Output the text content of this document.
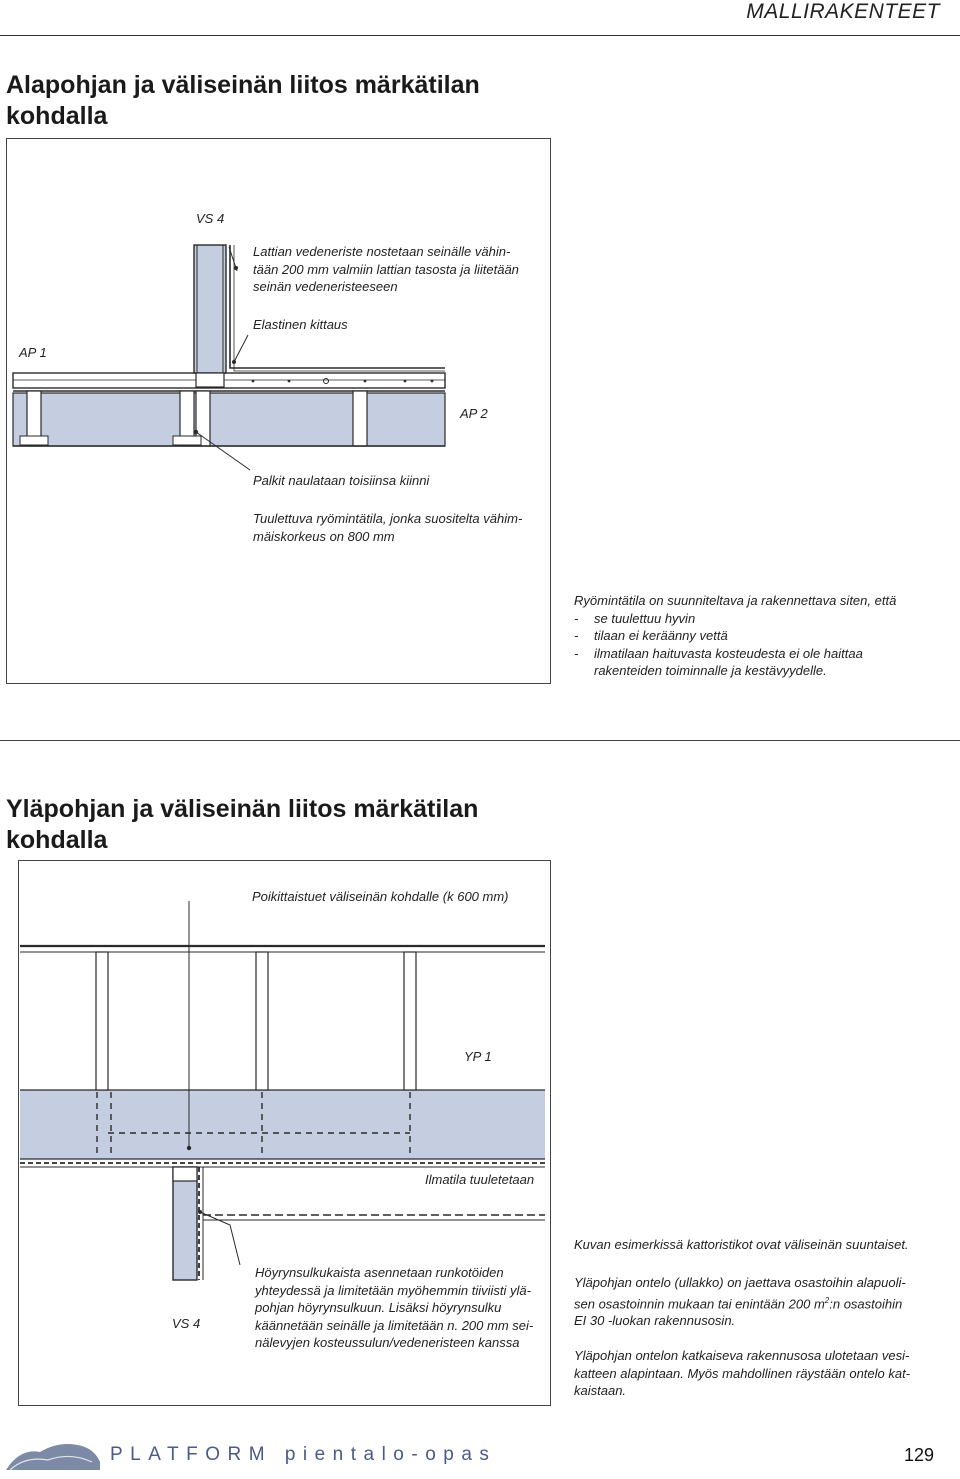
MALLIRAKENTEET
Alapohjan ja väliseinän liitos märkätilan
kohdalla
VS 4
AP 1
AP 2
Lattian vedeneriste nostetaan seinälle vähin-
tään 200 mm valmiin lattian tasosta ja liitetään
seinän vedeneristeeseen
Elastinen kittaus
Palkit naulataan toisiinsa kiinni
Tuulettuva ryömintätila, jonka suositelta vähim-
mäiskorkeus on 800 mm
Ryömintätila on suunniteltava ja rakennettava siten, että
- se tuulettuu hyvin
- tilaan ei keräänny vettä
- ilmatilaan haituvasta kosteudesta ei ole haittaa
rakenteiden toiminnalle ja kestävyydelle.
Yläpohjan ja väliseinän liitos märkätilan
kohdalla
Poikittaistuet väliseinän kohdalle (k 600 mm)
YP 1
Ilmatila tuuletetaan
VS 4
Höyrynsulkukaista asennetaan runkotöiden
yhteydessä ja limitetään myöhemmin tiiviisti ylä-
pohjan höyrynsulkuun. Lisäksi höyrynsulku
käännetään seinälle ja limitetään n. 200 mm sei-
nälevyjen kosteussulun/vedeneristeen kanssa
Kuvan esimerkissä kattoristikot ovat väliseinän suuntaiset.
Yläpohjan ontelo (ullakko) on jaettava osastoihin alapuoli-
sen osastoinnin mukaan tai enintään 200 $m^2:n$ osastoihin
EI 30 -luokan rakennusosin.
Yläpohjan ontelon katkaiseva rakennusosa ulotetaan vesi-
katteen alapintaan. Myös mahdollinen räystään ontelo kat-
kaistaan.
PLATFORM pientalo-opas	129
